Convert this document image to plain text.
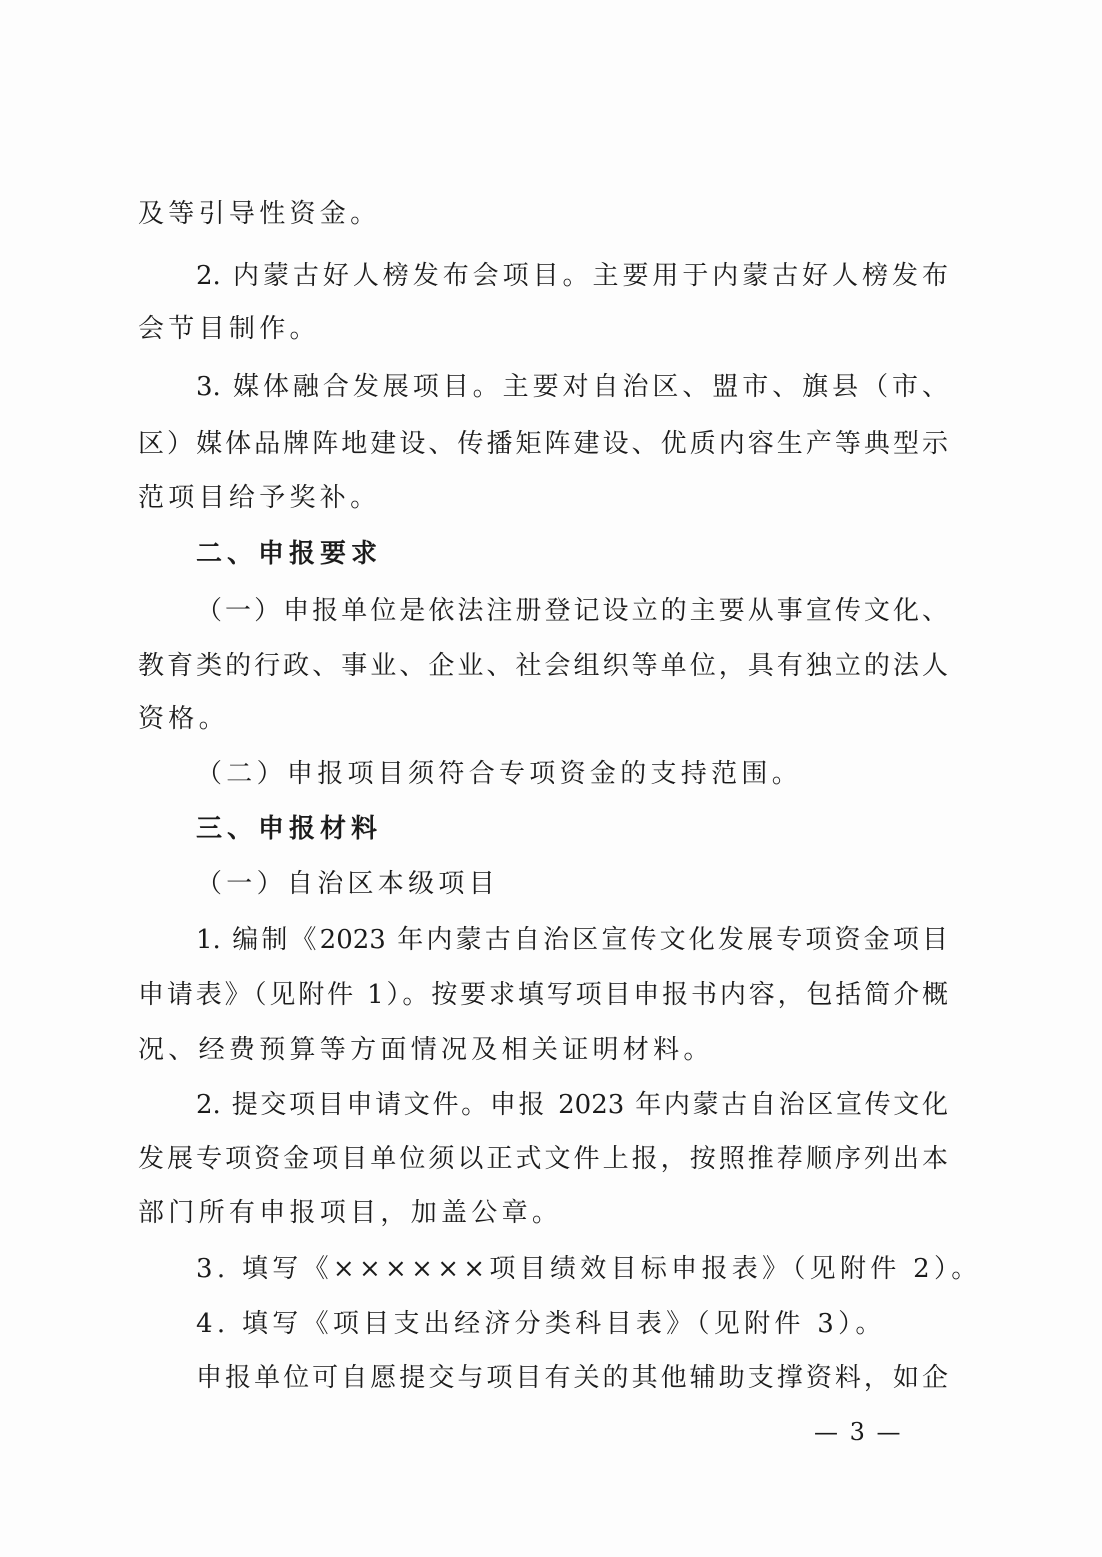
及等引导性资金。
2. 内蒙古好人榜发布会项目。主要用于内蒙古好人榜发布
会节目制作。
3. 媒体融合发展项目。主要对自治区、盟市、旗县（市、
区）媒体品牌阵地建设、传播矩阵建设、优质内容生产等典型示
范项目给予奖补。
二、申报要求
（一）申报单位是依法注册登记设立的主要从事宣传文化、
教育类的行政、事业、企业、社会组织等单位，具有独立的法人
资格。
（二）申报项目须符合专项资金的支持范围。
三、申报材料
（一）自治区本级项目
1. 编制《2023 年内蒙古自治区宣传文化发展专项资金项目
申请表》（见附件 1）。按要求填写项目申报书内容，包括简介概
况、经费预算等方面情况及相关证明材料。
2. 提交项目申请文件。申报 2023 年内蒙古自治区宣传文化
发展专项资金项目单位须以正式文件上报，按照推荐顺序列出本
部门所有申报项目，加盖公章。
3. 填写《××××××项目绩效目标申报表》（见附件 2）。
4. 填写《项目支出经济分类科目表》（见附件 3）。
申报单位可自愿提交与项目有关的其他辅助支撑资料，如企
— 3 —
